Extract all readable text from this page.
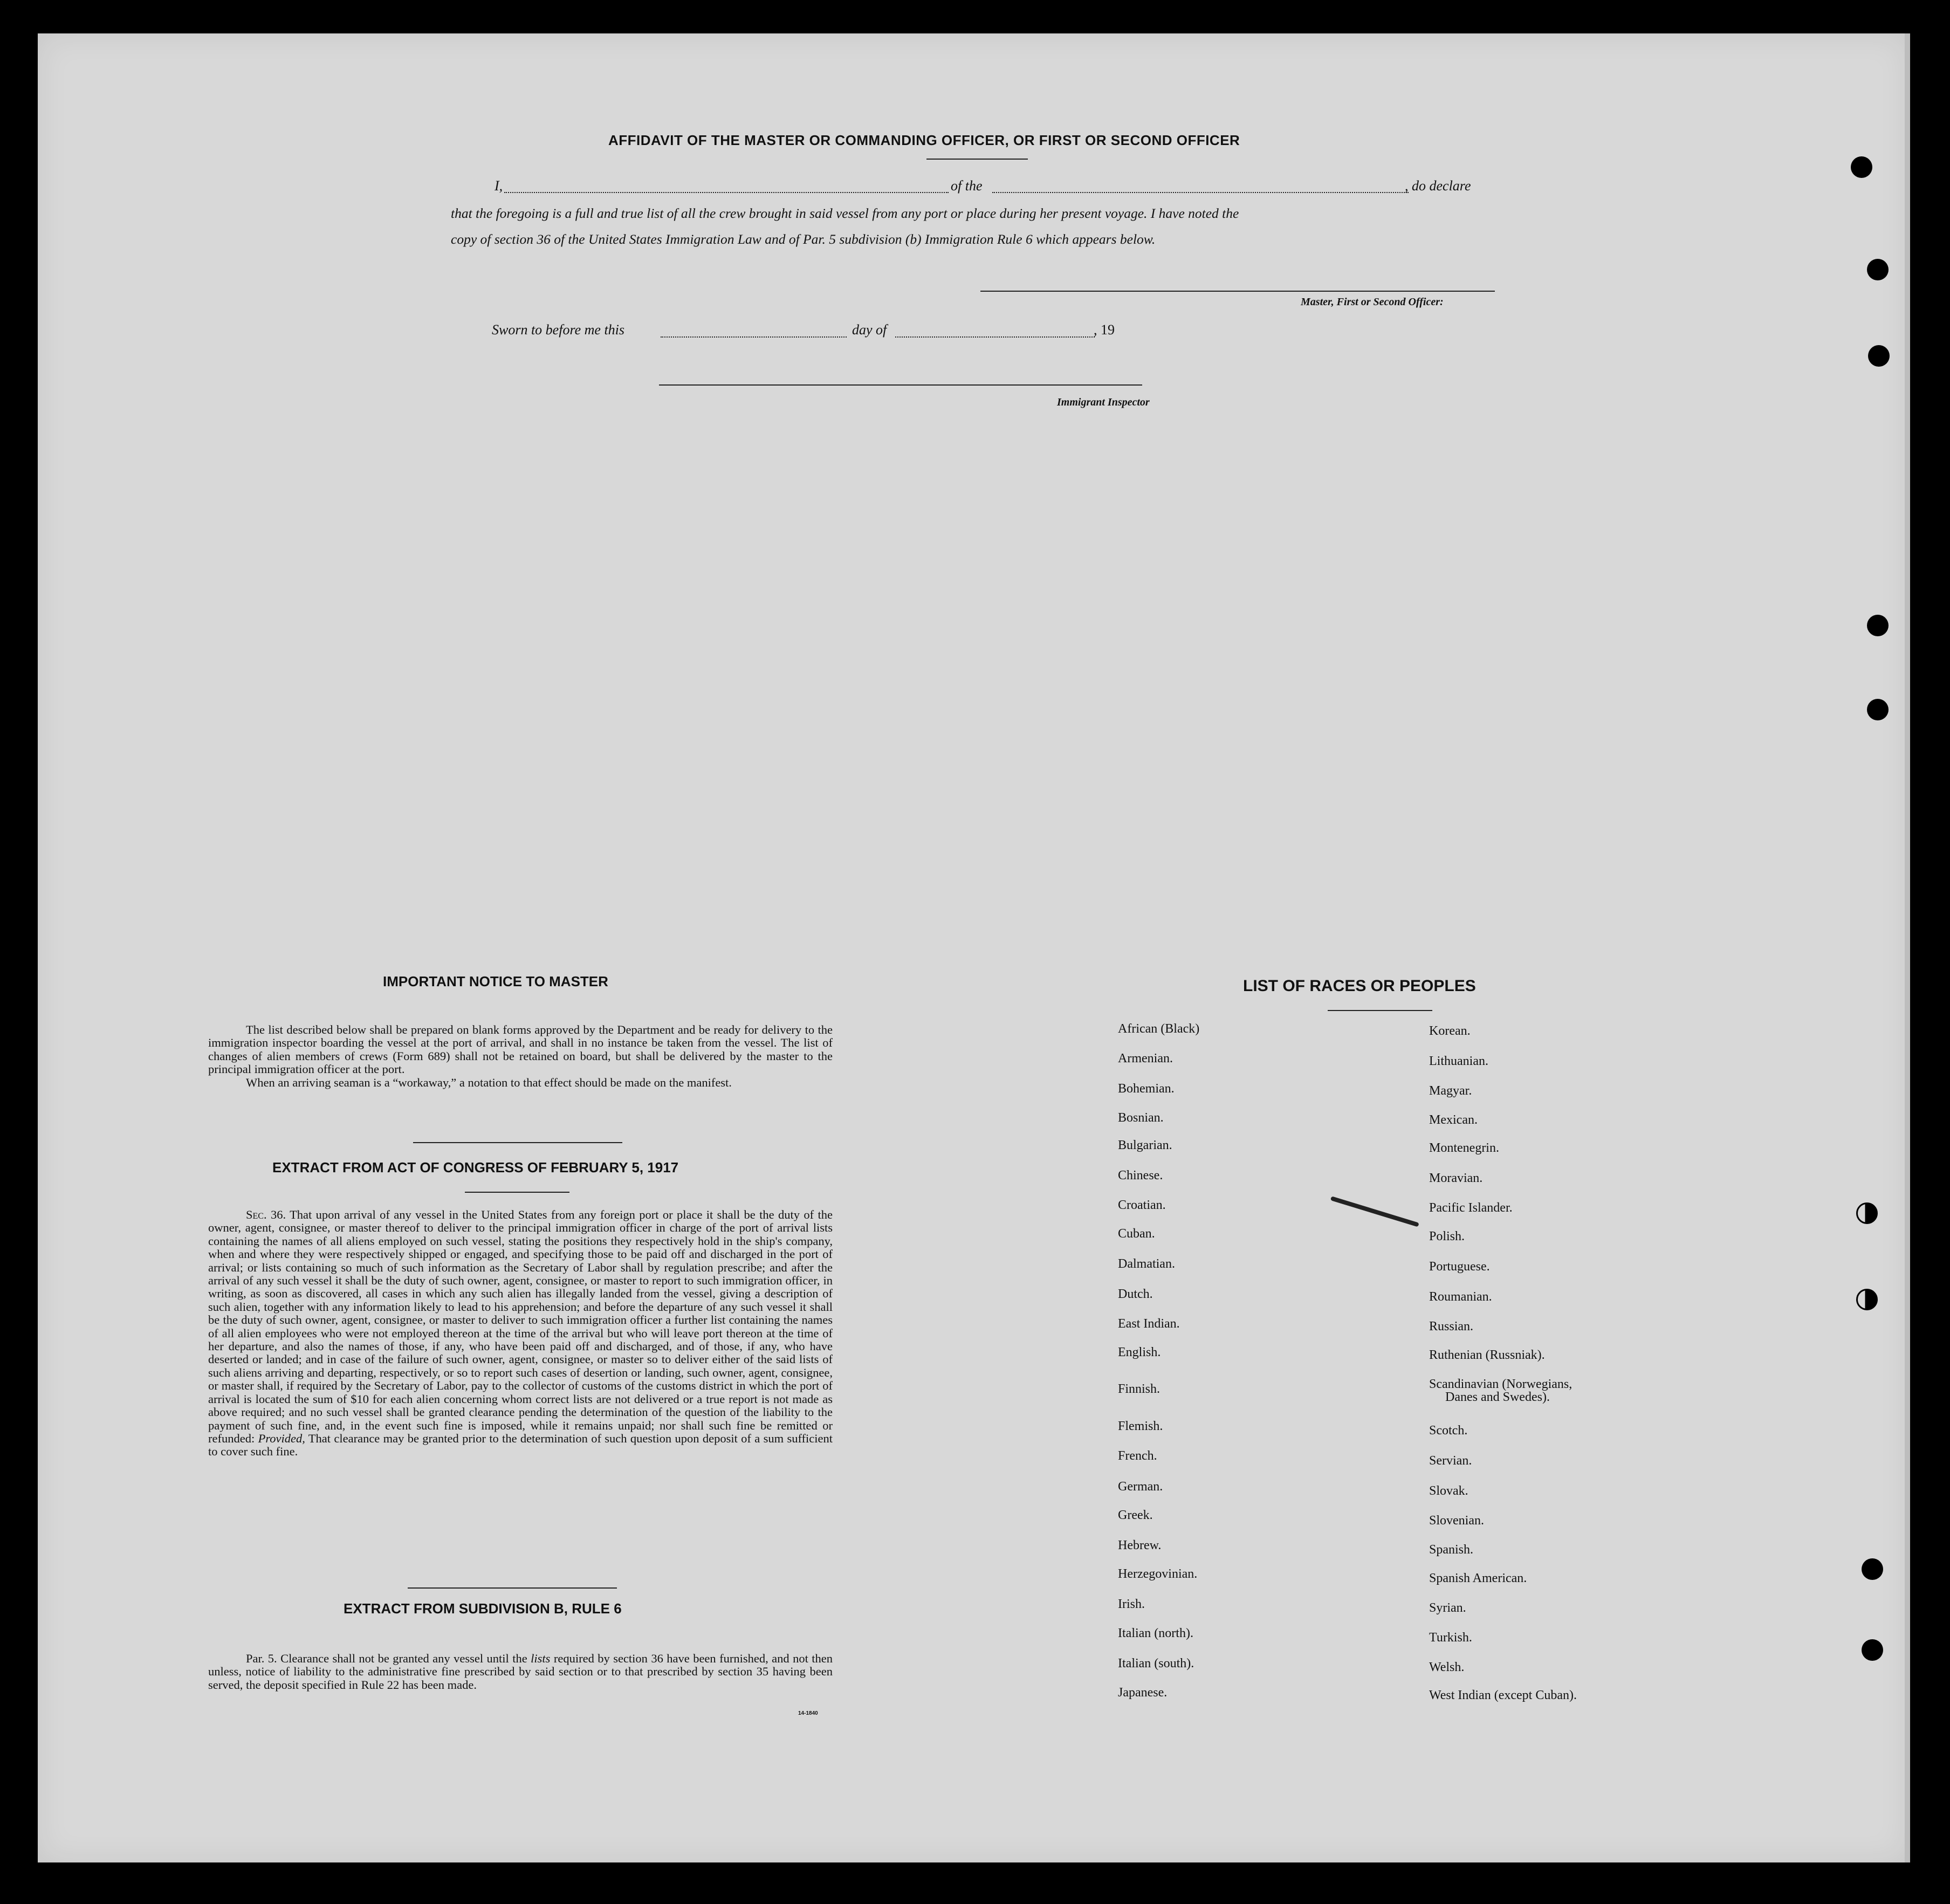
AFFIDAVIT OF THE MASTER OR COMMANDING OFFICER, OR FIRST OR SECOND OFFICER
I,	of the	, do declare
that the foregoing is a full and true list of all the crew brought in said vessel from any port or place during her present voyage. I have noted the
copy of section 36 of the United States Immigration Law and of Par. 5 subdivision (b) Immigration Rule 6 which appears below.
Master, First or Second Officer:
Sworn to before me this	day of	, 19
Immigrant Inspector
IMPORTANT NOTICE TO MASTER

The list described below shall be prepared on blank forms approved by the Department and be ready for delivery to the immigration inspector boarding the vessel at the port of arrival, and shall in no instance be taken from the vessel. The list of changes of alien members of crews (Form 689) shall not be retained on board, but shall be delivered by the master to the principal immigration officer at the port.

When an arriving seaman is a “workaway,” a notation to that effect should be made on the manifest.

EXTRACT FROM ACT OF CONGRESS OF FEBRUARY 5, 1917

Sec. 36. That upon arrival of any vessel in the United States from any foreign port or place it shall be the duty of the owner, agent, consignee, or master thereof to deliver to the principal immigration officer in charge of the port of arrival lists containing the names of all aliens employed on such vessel, stating the positions they respectively hold in the ship's company, when and where they were respectively shipped or engaged, and specifying those to be paid off and discharged in the port of arrival; or lists containing so much of such information as the Secretary of Labor shall by regulation prescribe; and after the arrival of any such vessel it shall be the duty of such owner, agent, consignee, or master to report to such immigration officer, in writing, as soon as discovered, all cases in which any such alien has illegally landed from the vessel, giving a description of such alien, together with any information likely to lead to his apprehension; and before the departure of any such vessel it shall be the duty of such owner, agent, consignee, or master to deliver to such immigration officer a further list containing the names of all alien employees who were not employed thereon at the time of the arrival but who will leave port thereon at the time of her departure, and also the names of those, if any, who have been paid off and discharged, and of those, if any, who have deserted or landed; and in case of the failure of such owner, agent, consignee, or master so to deliver either of the said lists of such aliens arriving and departing, respectively, or so to report such cases of desertion or landing, such owner, agent, consignee, or master shall, if required by the Secretary of Labor, pay to the collector of customs of the customs district in which the port of arrival is located the sum of $10 for each alien concerning whom correct lists are not delivered or a true report is not made as above required; and no such vessel shall be granted clearance pending the determination of the question of the liability to the payment of such fine, and, in the event such fine is imposed, while it remains unpaid; nor shall such fine be remitted or refunded: Provided, That clearance may be granted prior to the determination of such question upon deposit of a sum sufficient to cover such fine.

EXTRACT FROM SUBDIVISION B, RULE 6

Par. 5. Clearance shall not be granted any vessel until the lists required by section 36 have been furnished, and not then unless, notice of liability to the administrative fine prescribed by said section or to that prescribed by section 35 having been served, the deposit specified in Rule 22 has been made.

14-1840
LIST OF RACES OR PEOPLES
African (Black)
Armenian.
Bohemian.
Bosnian.
Bulgarian.
Chinese.
Croatian.
Cuban.
Dalmatian.
Dutch.
East Indian.
English.
Finnish.
Flemish.
French.
German.
Greek.
Hebrew.
Herzegovinian.
Irish.
Italian (north).
Italian (south).
Japanese.
Korean.
Lithuanian.
Magyar.
Mexican.
Montenegrin.
Moravian.
Pacific Islander.
Polish.
Portuguese.
Roumanian.
Russian.
Ruthenian (Russniak).
Scandinavian (Norwegians,
Danes and Swedes).
Scotch.
Servian.
Slovak.
Slovenian.
Spanish.
Spanish American.
Syrian.
Turkish.
Welsh.
West Indian (except Cuban).
